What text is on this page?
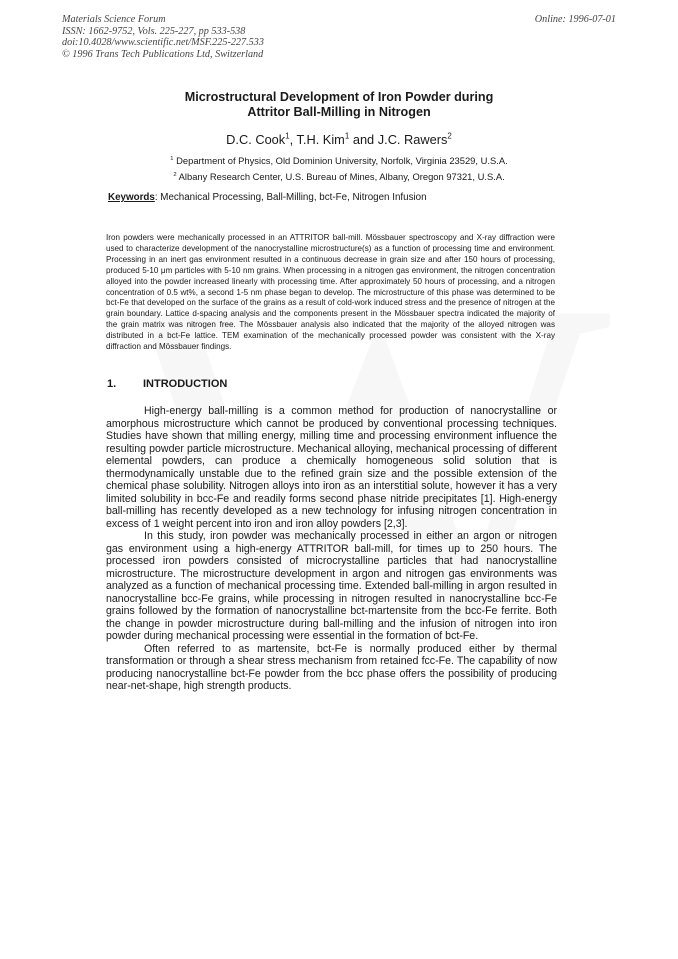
Materials Science Forum
ISSN: 1662-9752, Vols. 225-227, pp 533-538
doi:10.4028/www.scientific.net/MSF.225-227.533
© 1996 Trans Tech Publications Ltd, Switzerland
Online: 1996-07-01
Microstructural Development of Iron Powder during
Attritor Ball-Milling in Nitrogen
D.C. Cook$^1$, T.H. Kim$^1$ and J.C. Rawers$^2$
$^1$ Department of Physics, Old Dominion University, Norfolk, Virginia 23529, U.S.A.
$^2$ Albany Research Center, U.S. Bureau of Mines, Albany, Oregon 97321, U.S.A.
Keywords: Mechanical Processing, Ball-Milling, bct-Fe, Nitrogen Infusion
Iron powders were mechanically processed in an ATTRITOR ball-mill. Mössbauer spectroscopy and X-ray diffraction were used to characterize development of the nanocrystalline microstructure(s) as a function of processing time and environment. Processing in an inert gas environment resulted in a continuous decrease in grain size and after 150 hours of processing, produced 5-10 μm particles with 5-10 nm grains. When processing in a nitrogen gas environment, the nitrogen concentration alloyed into the powder increased linearly with processing time. After approximately 50 hours of processing, and a nitrogen concentration of 0.5 wt%, a second 1-5 nm phase began to develop. The microstructure of this phase was determined to be bct-Fe that developed on the surface of the grains as a result of cold-work induced stress and the presence of nitrogen at the grain boundary. Lattice d-spacing analysis and the components present in the Mössbauer spectra indicated the majority of the grain matrix was nitrogen free. The Mössbauer analysis also indicated that the majority of the alloyed nitrogen was distributed in a bct-Fe lattice. TEM examination of the mechanically processed powder was consistent with the X-ray diffraction and Mössbauer findings.
1. INTRODUCTION

High-energy ball-milling is a common method for production of nanocrystalline or amorphous microstructure which cannot be produced by conventional processing techniques. Studies have shown that milling energy, milling time and processing environment influence the resulting powder particle microstructure. Mechanical alloying, mechanical processing of different elemental powders, can produce a chemically homogeneous solid solution that is thermodynamically unstable due to the refined grain size and the possible extension of the chemical phase solubility. Nitrogen alloys into iron as an interstitial solute, however it has a very limited solubility in bcc-Fe and readily forms second phase nitride precipitates [1]. High-energy ball-milling has recently developed as a new technology for infusing nitrogen concentration in excess of 1 weight percent into iron and iron alloy powders [2,3].

In this study, iron powder was mechanically processed in either an argon or nitrogen gas environment using a high-energy ATTRITOR ball-mill, for times up to 250 hours. The processed iron powders consisted of microcrystalline particles that had nanocrystalline microstructure. The microstructure development in argon and nitrogen gas environments was analyzed as a function of mechanical processing time. Extended ball-milling in argon resulted in nanocrystalline bcc-Fe grains, while processing in nitrogen resulted in nanocrystalline bcc-Fe grains followed by the formation of nanocrystalline bct-martensite from the bcc-Fe ferrite. Both the change in powder microstructure during ball-milling and the infusion of nitrogen into iron powder during mechanical processing were essential in the formation of bct-Fe.

Often referred to as martensite, bct-Fe is normally produced either by thermal transformation or through a shear stress mechanism from retained fcc-Fe. The capability of now producing nanocrystalline bct-Fe powder from the bcc phase offers the possibility of producing near-net-shape, high strength products.
